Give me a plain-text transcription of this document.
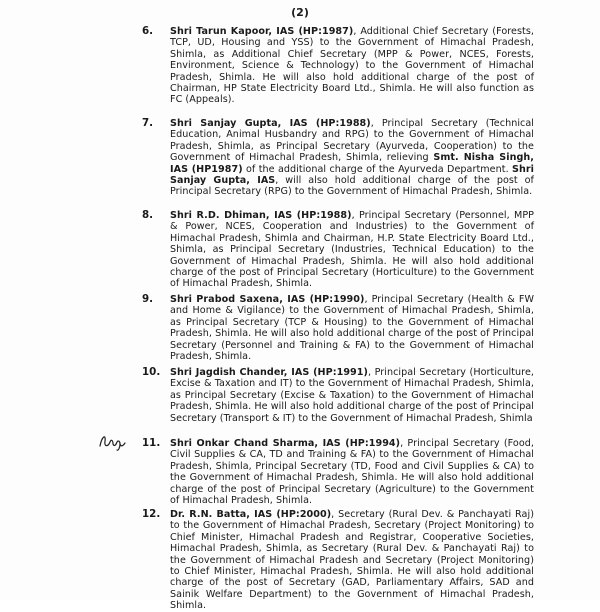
(2)
6. Shri Tarun Kapoor, IAS (HP:1987), Additional Chief Secretary (Forests, TCP, UD, Housing and YSS) to the Government of Himachal Pradesh, Shimla, as Additional Chief Secretary (MPP & Power, NCES, Forests, Environment, Science & Technology) to the Government of Himachal Pradesh, Shimla. He will also hold additional charge of the post of Chairman, HP State Electricity Board Ltd., Shimla. He will also function as FC (Appeals).
7. Shri Sanjay Gupta, IAS (HP:1988), Principal Secretary (Technical Education, Animal Husbandry and RPG) to the Government of Himachal Pradesh, Shimla, as Principal Secretary (Ayurveda, Cooperation) to the Government of Himachal Pradesh, Shimla, relieving Smt. Nisha Singh, IAS (HP1987) of the additional charge of the Ayurveda Department. Shri Sanjay Gupta, IAS, will also hold additional charge of the post of Principal Secretary (RPG) to the Government of Himachal Pradesh, Shimla.
8. Shri R.D. Dhiman, IAS (HP:1988), Principal Secretary (Personnel, MPP & Power, NCES, Cooperation and Industries) to the Government of Himachal Pradesh, Shimla and Chairman, H.P. State Electricity Board Ltd., Shimla, as Principal Secretary (Industries, Technical Education) to the Government of Himachal Pradesh, Shimla. He will also hold additional charge of the post of Principal Secretary (Horticulture) to the Government of Himachal Pradesh, Shimla.
9. Shri Prabod Saxena, IAS (HP:1990), Principal Secretary (Health & FW and Home & Vigilance) to the Government of Himachal Pradesh, Shimla, as Principal Secretary (TCP & Housing) to the Government of Himachal Pradesh, Shimla. He will also hold additional charge of the post of Principal Secretary (Personnel and Training & FA) to the Government of Himachal Pradesh, Shimla.
10. Shri Jagdish Chander, IAS (HP:1991), Principal Secretary (Horticulture, Excise & Taxation and IT) to the Government of Himachal Pradesh, Shimla, as Principal Secretary (Excise & Taxation) to the Government of Himachal Pradesh, Shimla. He will also hold additional charge of the post of Principal Secretary (Transport & IT) to the Government of Himachal Pradesh, Shimla
11. Shri Onkar Chand Sharma, IAS (HP:1994), Principal Secretary (Food, Civil Supplies & CA, TD and Training & FA) to the Government of Himachal Pradesh, Shimla, Principal Secretary (TD, Food and Civil Supplies & CA) to the Government of Himachal Pradesh, Shimla. He will also hold additional charge of the post of Principal Secretary (Agriculture) to the Government of Himachal Pradesh, Shimla.
12. Dr. R.N. Batta, IAS (HP:2000), Secretary (Rural Dev. & Panchayati Raj) to the Government of Himachal Pradesh, Secretary (Project Monitoring) to Chief Minister, Himachal Pradesh and Registrar, Cooperative Societies, Himachal Pradesh, Shimla, as Secretary (Rural Dev. & Panchayati Raj) to the Government of Himachal Pradesh and Secretary (Project Monitoring) to Chief Minister, Himachal Pradesh, Shimla. He will also hold additional charge of the post of Secretary (GAD, Parliamentary Affairs, SAD and Sainik Welfare Department) to the Government of Himachal Pradesh, Shimla.
